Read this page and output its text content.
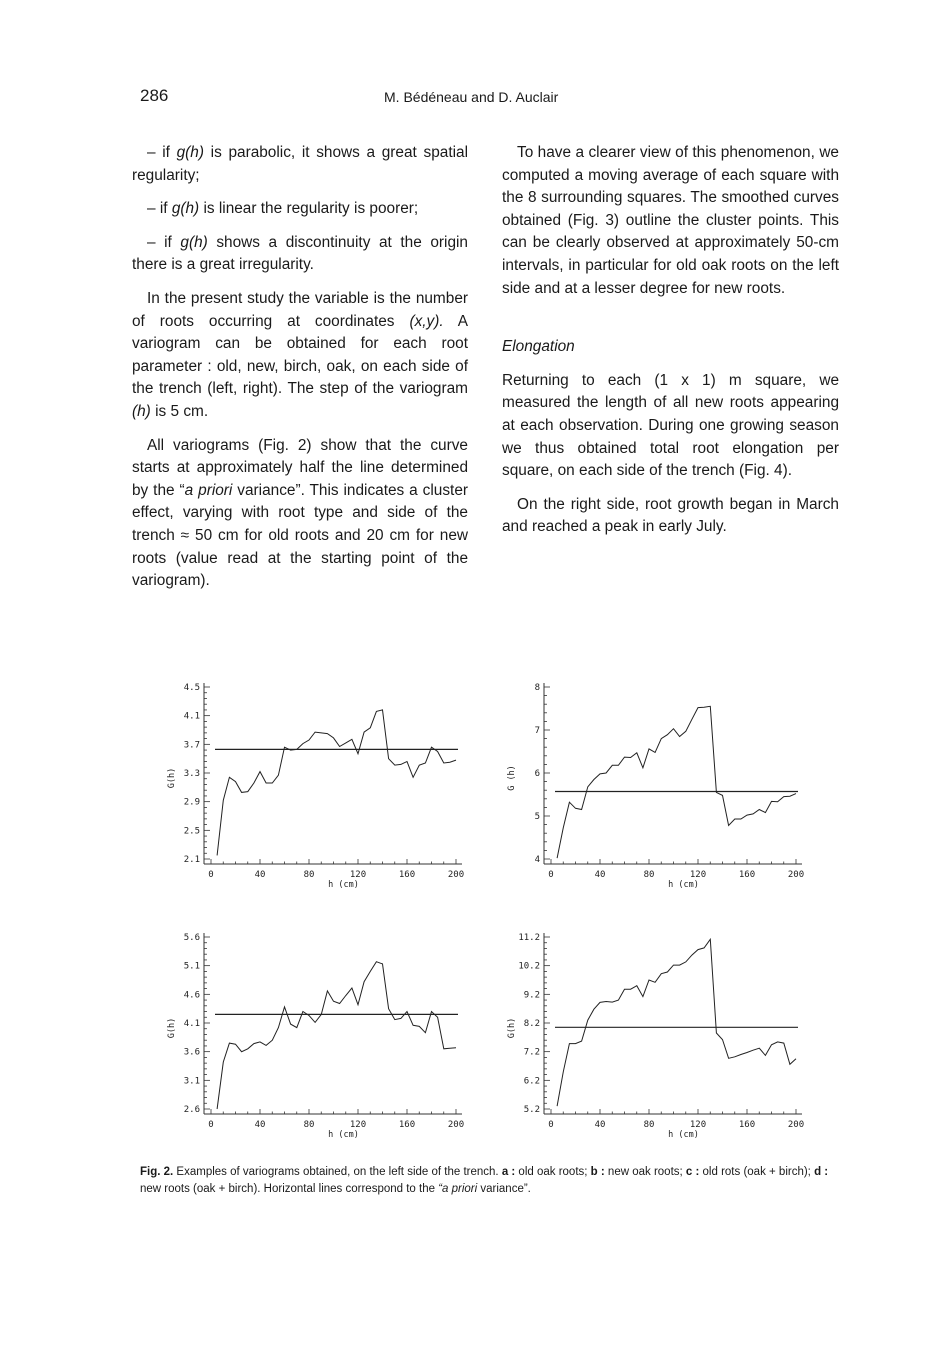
286	M. Bédéneau and D. Auclair

– if g(h) is parabolic, it shows a great spatial regularity;

– if g(h) is linear the regularity is poorer;

– if g(h) shows a discontinuity at the origin there is a great irregularity.

In the present study the variable is the number of roots occurring at coordinates (x,y). A variogram can be obtained for each root parameter : old, new, birch, oak, on each side of the trench (left, right). The step of the variogram (h) is 5 cm.

All variograms (Fig. 2) show that the curve starts at approximately half the line determined by the “a priori variance”. This indicates a cluster effect, varying with root type and side of the trench ≈ 50 cm for old roots and 20 cm for new roots (value read at the starting point of the variogram).

To have a clearer view of this phenomenon, we computed a moving average of each square with the 8 surrounding squares. The smoothed curves obtained (Fig. 3) outline the cluster points. This can be clearly observed at approximately 50-cm intervals, in particular for old oak roots on the left side and at a lesser degree for new roots.

Elongation

Returning to each (1 x 1) m square, we measured the length of all new roots appearing at each observation. During one growing season we thus obtained total root elongation per square, on each side of the trench (Fig. 4).

On the right side, root growth began in March and reached a peak in early July.

2.1
2.5
2.9
3.3
3.7
4.1
4.5
0	40	80	120	160	200
h (cm)
G(h)
4
5
6
7
8
0	40	80	120	160	200
h (cm)
G (h)
2.6
3.1
3.6
4.1
4.6
5.1
5.6
0	40	80	120	160	200
h (cm)
G(h)
5.2
6.2
7.2
8.2
9.2
10.2
11.2
0	40	80	120	160	200
h (cm)
G(h)
Fig. 2. Examples of variograms obtained, on the left side of the trench. a : old oak roots; b : new oak roots; c : old rots (oak + birch); d : new roots (oak + birch). Horizontal lines correspond to the “a priori variance”.
